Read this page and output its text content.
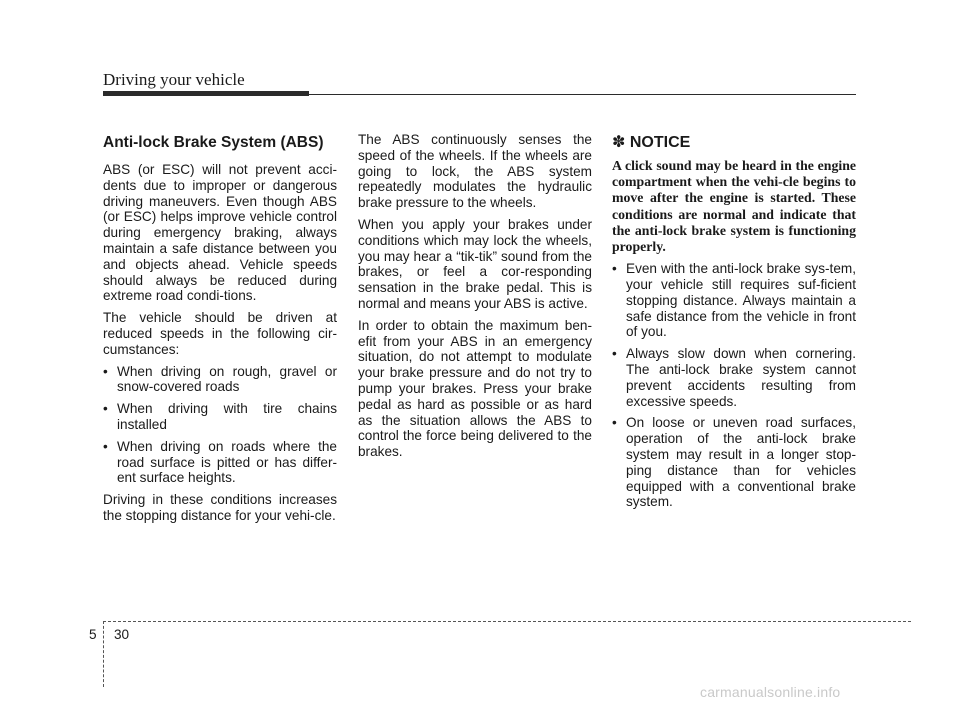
Driving your vehicle
Anti-lock Brake System (ABS)

ABS (or ESC) will not prevent acci-dents due to improper or dangerous driving maneuvers. Even though ABS (or ESC) helps improve vehicle control during emergency braking, always maintain a safe distance between you and objects ahead. Vehicle speeds should always be reduced during extreme road condi-tions.

The vehicle should be driven at reduced speeds in the following cir-cumstances:

• When driving on rough, gravel or snow-covered roads
• When driving with tire chains installed
• When driving on roads where the road surface is pitted or has differ-ent surface heights.

Driving in these conditions increases the stopping distance for your vehi-cle.

The ABS continuously senses the speed of the wheels. If the wheels are going to lock, the ABS system repeatedly modulates the hydraulic brake pressure to the wheels.

When you apply your brakes under conditions which may lock the wheels, you may hear a “tik-tik” sound from the brakes, or feel a cor-responding sensation in the brake pedal. This is normal and means your ABS is active.

In order to obtain the maximum ben-efit from your ABS in an emergency situation, do not attempt to modulate your brake pressure and do not try to pump your brakes. Press your brake pedal as hard as possible or as hard as the situation allows the ABS to control the force being delivered to the brakes.

✽ NOTICE

A click sound may be heard in the engine compartment when the vehi-cle begins to move after the engine is started. These conditions are normal and indicate that the anti-lock brake system is functioning properly.

• Even with the anti-lock brake sys-tem, your vehicle still requires suf-ficient stopping distance. Always maintain a safe distance from the vehicle in front of you.
• Always slow down when cornering. The anti-lock brake system cannot prevent accidents resulting from excessive speeds.
• On loose or uneven road surfaces, operation of the anti-lock brake system may result in a longer stop-ping distance than for vehicles equipped with a conventional brake system.
5 30
carmanualsonline.info
